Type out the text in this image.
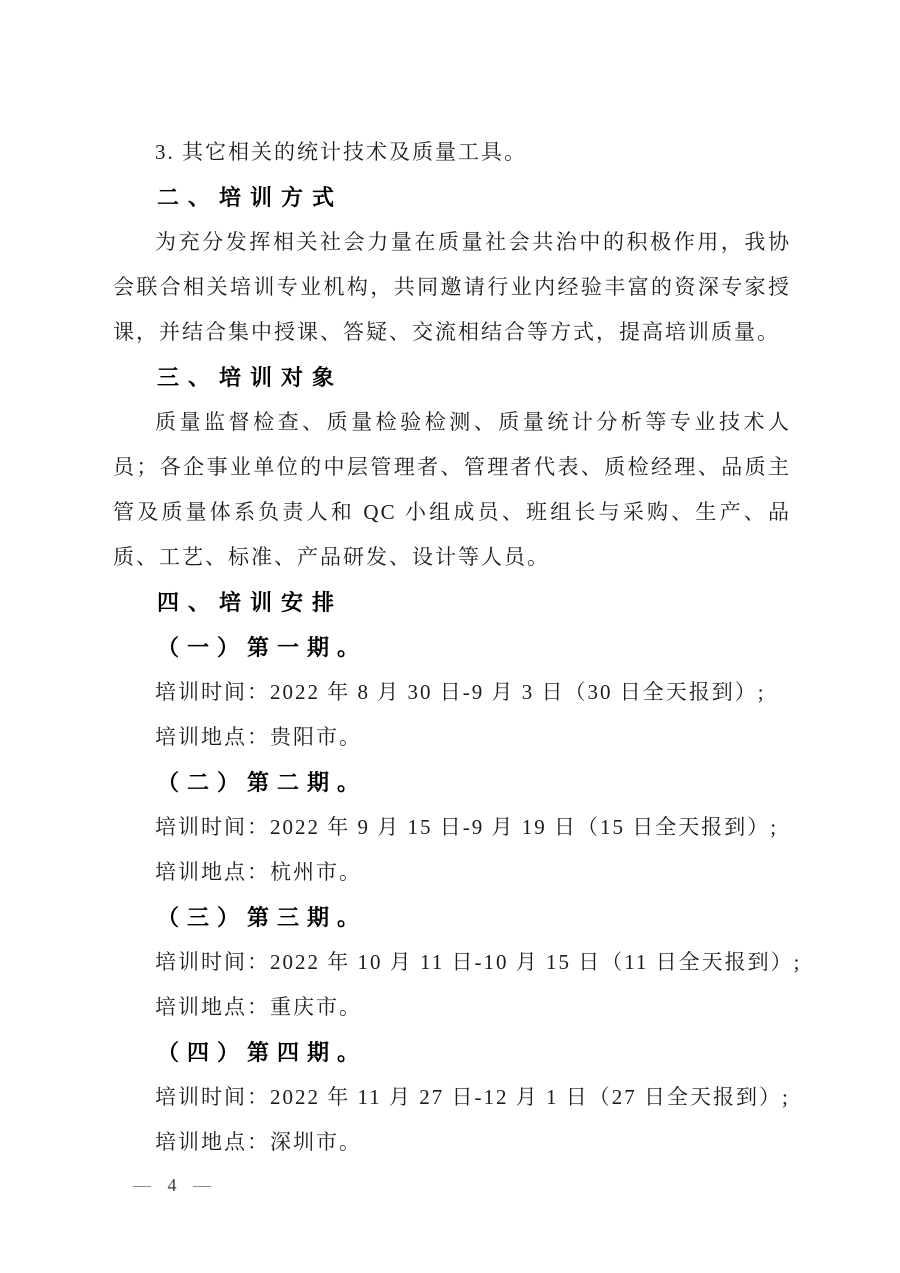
3. 其它相关的统计技术及质量工具。

二、培训方式

为充分发挥相关社会力量在质量社会共治中的积极作用，我协会联合相关培训专业机构，共同邀请行业内经验丰富的资深专家授课，并结合集中授课、答疑、交流相结合等方式，提高培训质量。

三、培训对象

质量监督检查、质量检验检测、质量统计分析等专业技术人员；各企事业单位的中层管理者、管理者代表、质检经理、品质主管及质量体系负责人和 QC 小组成员、班组长与采购、生产、品质、工艺、标准、产品研发、设计等人员。

四、培训安排

（一）第一期。

培训时间：2022 年 8 月 30 日-9 月 3 日（30 日全天报到）;

培训地点：贵阳市。

（二）第二期。

培训时间：2022 年 9 月 15 日-9 月 19 日（15 日全天报到）;

培训地点：杭州市。

（三）第三期。

培训时间：2022 年 10 月 11 日-10 月 15 日（11 日全天报到）;

培训地点：重庆市。

（四）第四期。

培训时间：2022 年 11 月 27 日-12 月 1 日（27 日全天报到）;

培训地点：深圳市。

— 4 —
